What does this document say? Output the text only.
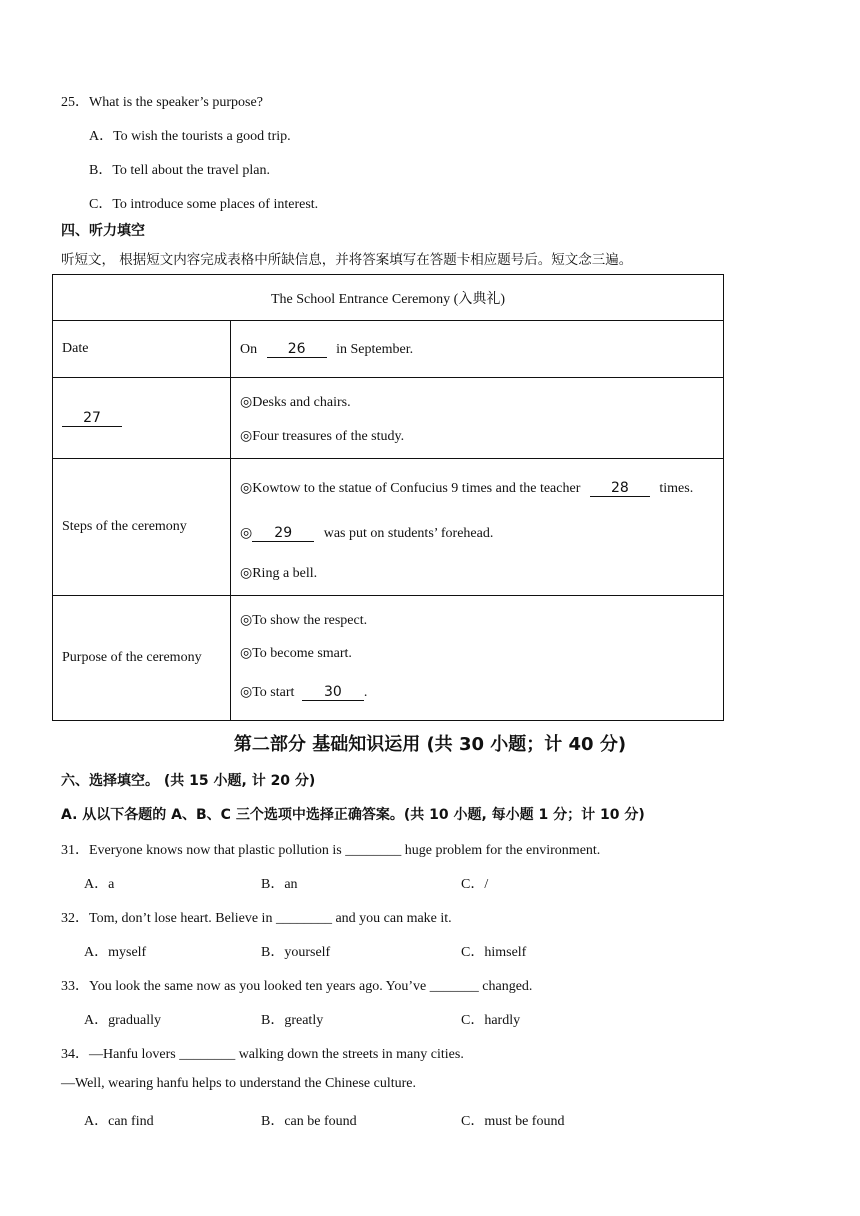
25．What is the speaker’s purpose?
A．To wish the tourists a good trip.
B．To tell about the travel plan.
C．To introduce some places of interest.
四、听力填空
听短文， 根据短文内容完成表格中所缺信息，并将答案填写在答题卡相应题号后。短文念三遍。
The School Entrance Ceremony (入典礼)	
Date	On 26 in September.
27	◎Desks and chairs.
◎Four treasures of the study.

Steps of the ceremony	◎Kowtow to the statue of Confucius 9 times and the teacher 28 times.
◎ 29 was put on students’ forehead.
◎Ring a bell.

Purpose of the ceremony	◎To show the respect.
◎To become smart.
◎To start 30 .
第二部分 基础知识运用 (共 30 小题；计 40 分)
六、选择填空。 (共 15 小题, 计 20 分)
A. 从以下各题的 A、B、C 三个选项中选择正确答案。(共 10 小题, 每小题 1 分；计 10 分)
31．Everyone knows now that plastic pollution is ________ huge problem for the environment.
A．a	B．an	C．/
32．Tom, don’t lose heart. Believe in ________ and you can make it.
A．myself	B．yourself	C．himself
33．You look the same now as you looked ten years ago. You’ve _______ changed.
A．gradually	B．greatly	C．hardly
34．—Hanfu lovers ________ walking down the streets in many cities.
—Well, wearing hanfu helps to understand the Chinese culture.
A．can find	B．can be found	C．must be found
